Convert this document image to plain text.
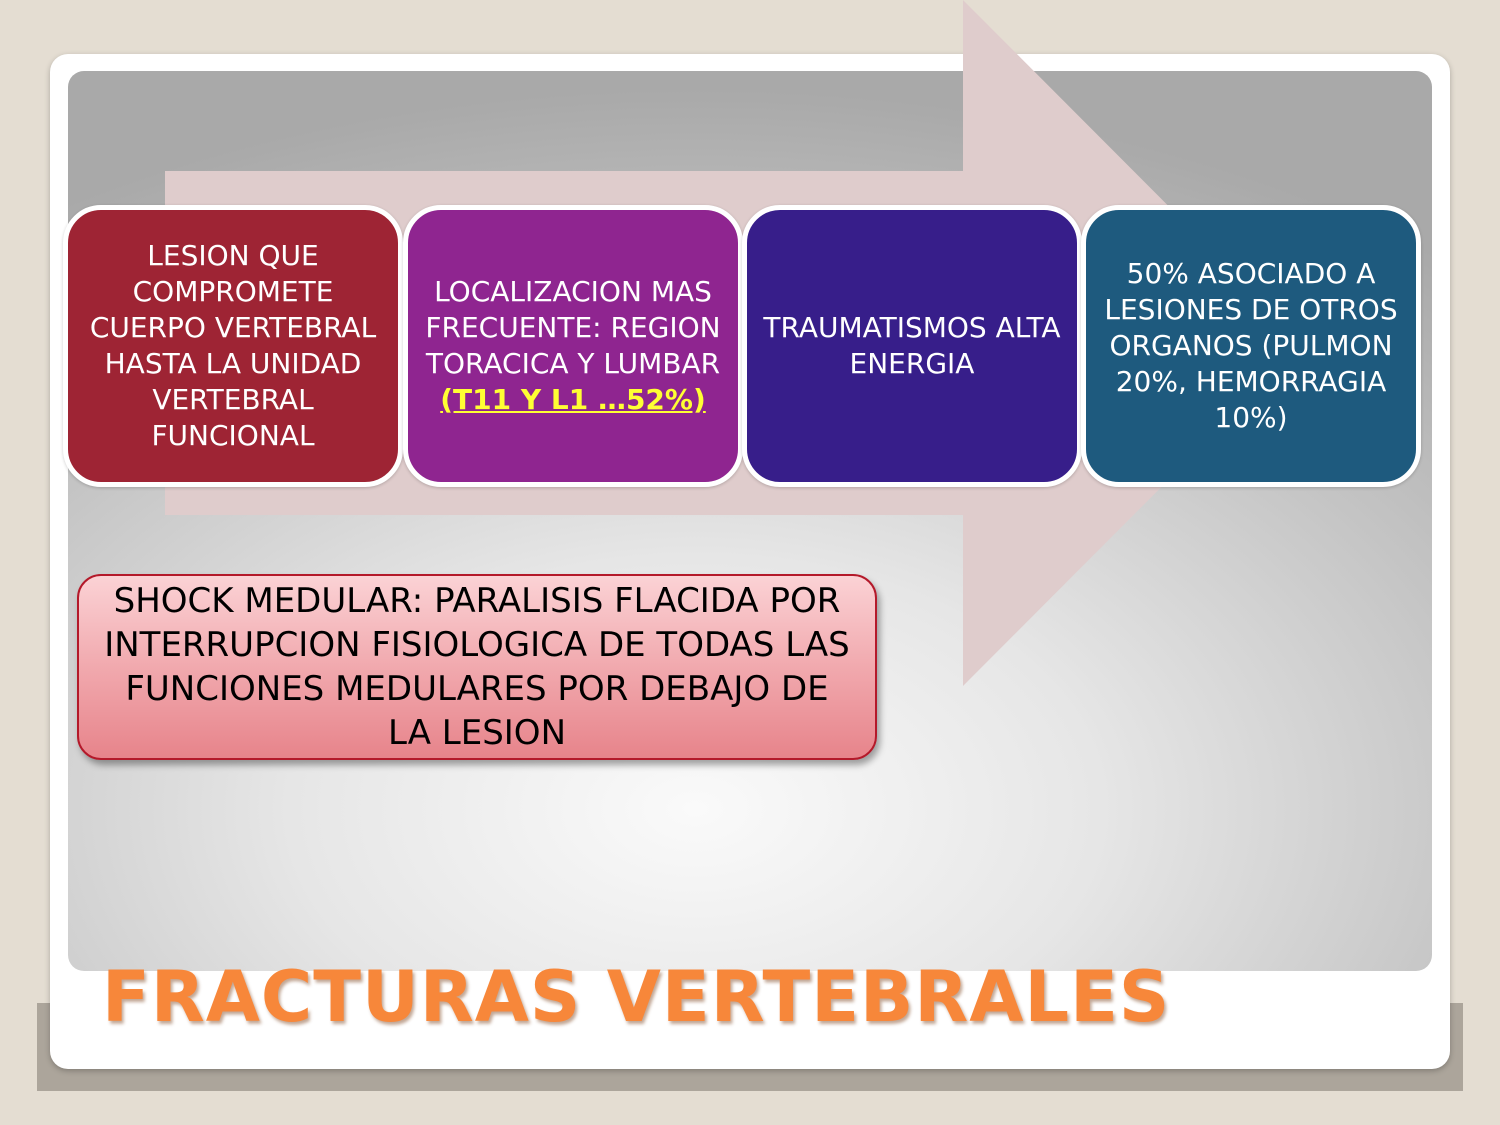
LESION QUE COMPROMETE CUERPO VERTEBRAL HASTA LA UNIDAD VERTEBRAL FUNCIONAL
LOCALIZACION MAS FRECUENTE: REGION TORACICA Y LUMBAR (T11 Y L1 …52%)
TRAUMATISMOS ALTA ENERGIA
50% ASOCIADO A LESIONES DE OTROS ORGANOS (PULMON 20%, HEMORRAGIA 10%)
SHOCK MEDULAR: PARALISIS FLACIDA POR INTERRUPCION FISIOLOGICA DE TODAS LAS FUNCIONES MEDULARES POR DEBAJO DE LA LESION
FRACTURAS VERTEBRALES
